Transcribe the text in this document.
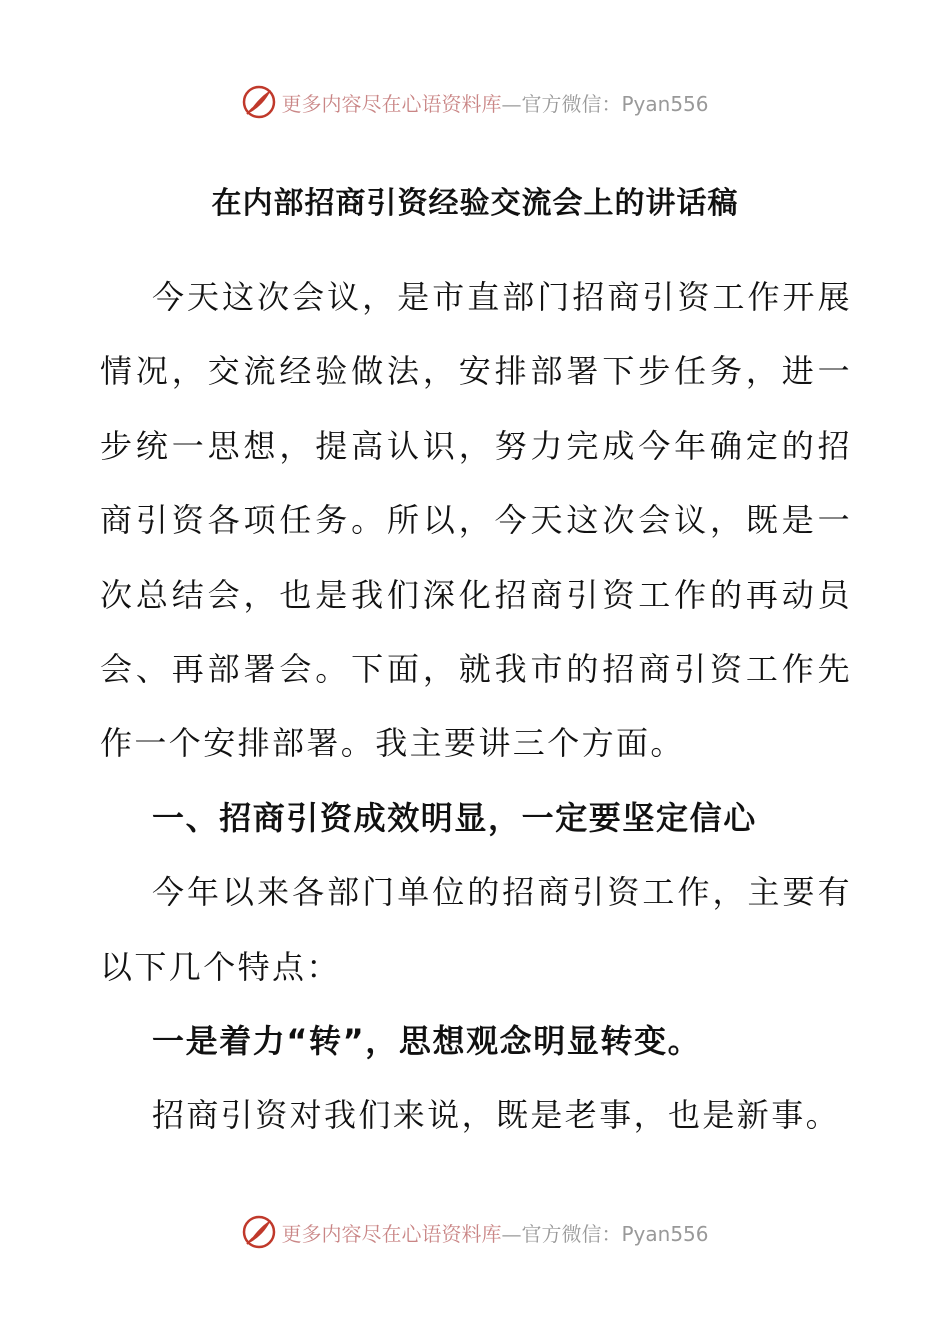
更多内容尽在心语资料库—官方微信：Pyan556
在内部招商引资经验交流会上的讲话稿

今天这次会议，是市直部门招商引资工作开展情况，交流经验做法，安排部署下步任务，进一步统一思想，提高认识，努力完成今年确定的招商引资各项任务。所以，今天这次会议，既是一次总结会，也是我们深化招商引资工作的再动员会、再部署会。下面，就我市的招商引资工作先作一个安排部署。我主要讲三个方面。

一、招商引资成效明显，一定要坚定信心

今年以来各部门单位的招商引资工作，主要有以下几个特点：

一是着力“转”，思想观念明显转变。

招商引资对我们来说，既是老事，也是新事。

更多内容尽在心语资料库—官方微信：Pyan556
